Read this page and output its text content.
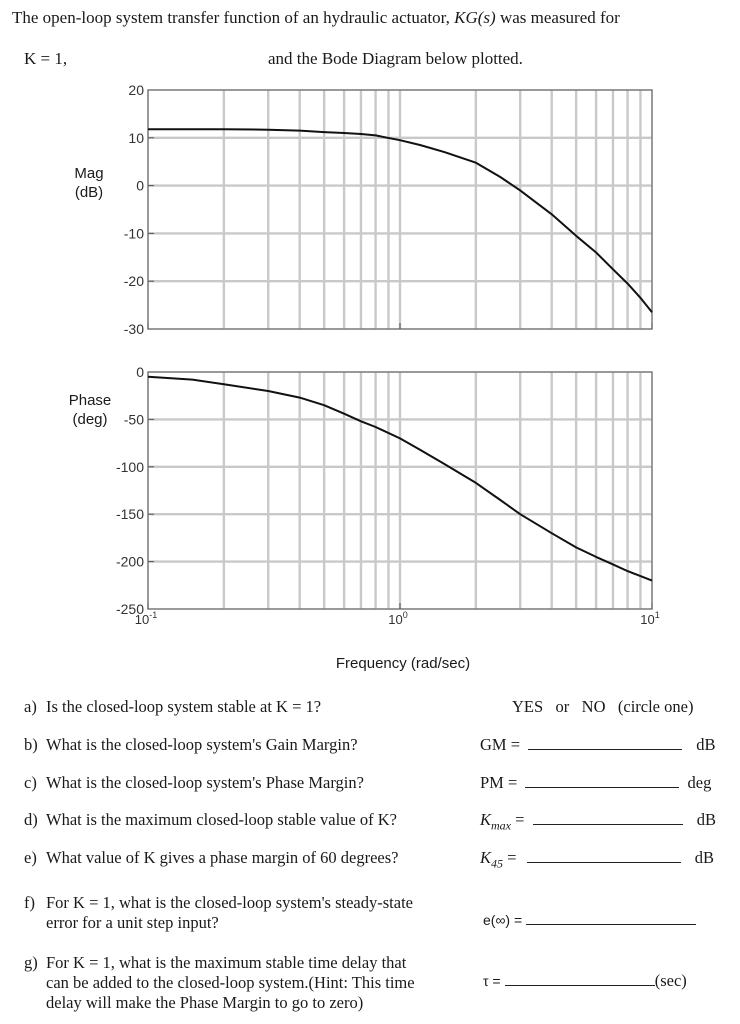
The open-loop system transfer function of an hydraulic actuator, KG(s) was measured for
K = 1,	and the Bode Diagram below plotted.
Mag
(dB)
Phase
(deg)
20
10
0
-10
-20
-30
0
-50
-100
-150
-200
-250
$10^{-1}$	$10^0$	$10^1$
Frequency (rad/sec)
a) Is the closed-loop system stable at K = 1?	YES   or   NO   (circle one)
b) What is the closed-loop system's Gain Margin?	GM =	dB
c) What is the closed-loop system's Phase Margin?	PM =	deg
d) What is the maximum closed-loop stable value of K?	$K_{max}$ =	dB
e) What value of K gives a phase margin of 60 degrees?	$K_{45}$ =	dB
f) For K = 1, what is the closed-loop system's steady-state
error for a unit step input?	e(∞) =
g) For K = 1, what is the maximum stable time delay that
can be added to the closed-loop system.(Hint: This time
delay will make the Phase Margin to go to zero)
τ =	(sec)
